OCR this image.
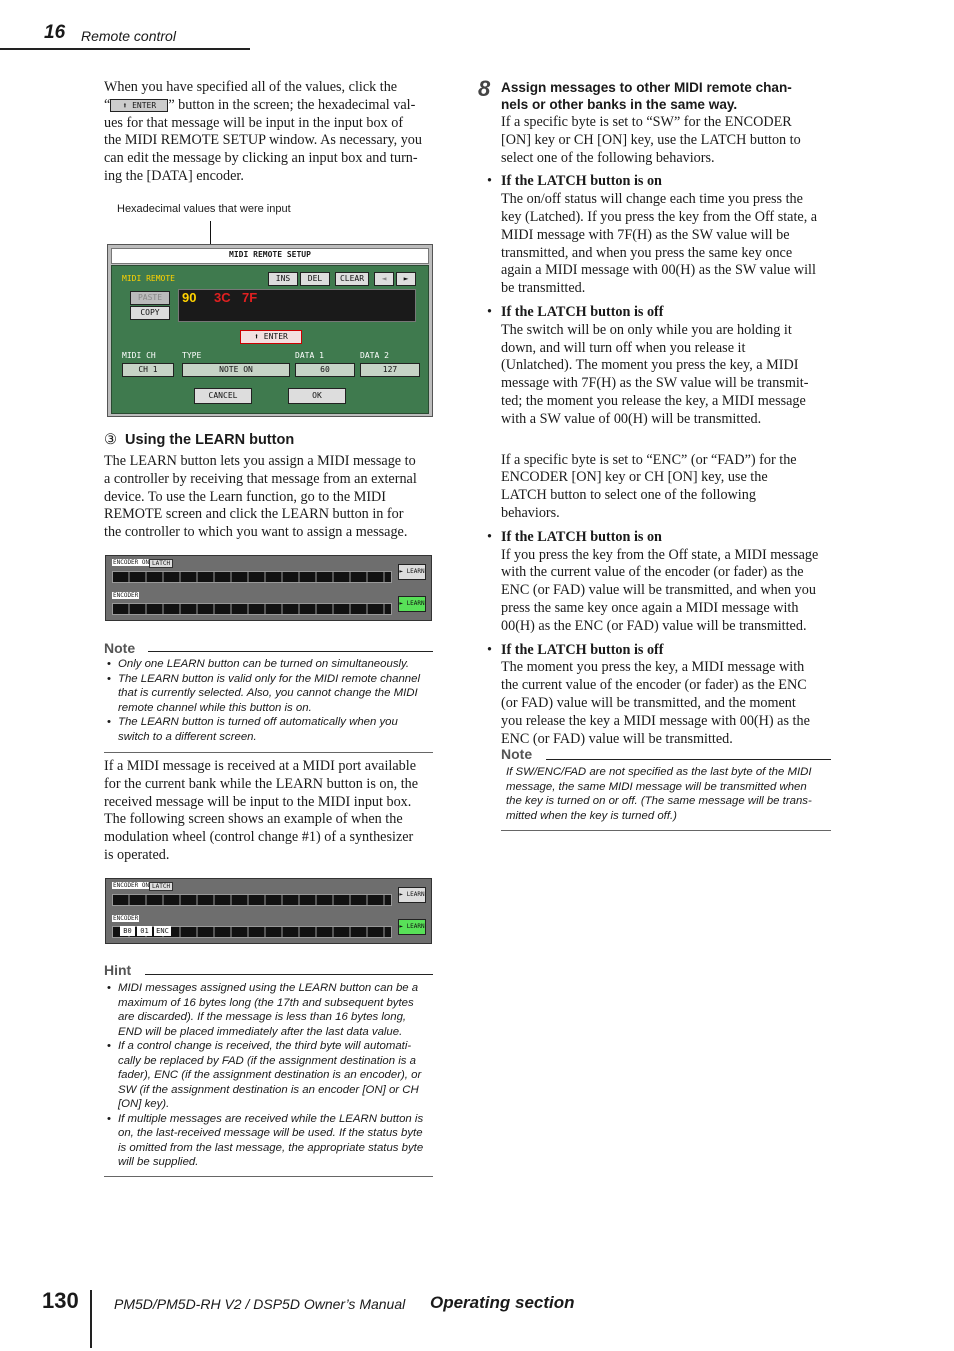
16 Remote control

When you have specified all of the values, click the

“ ⬆ ENTER ” button in the screen; the hexadecimal val-

ues for that message will be input in the input box of

the MIDI REMOTE SETUP window. As necessary, you

can edit the message by clicking an input box and turn-

ing the [DATA] encoder.

Hexadecimal values that were input
MIDI REMOTE SETUP
MIDI REMOTE	INS	DEL	CLEAR	◄	►
90 3C 7F
PASTE
COPY
⬆ ENTER
MIDI CH	TYPE	DATA 1	DATA 2
CH 1	NOTE ON	60	127
CANCEL	OK
③ Using the LEARN button

The LEARN button lets you assign a MIDI message to

a controller by receiving that message from an external

device. To use the Learn function, go to the MIDI

REMOTE screen and click the LEARN button in for

the controller to which you want to assign a message.

ENCODER ON LATCH
ENCODER
► LEARN
► LEARN
Note
• Only one LEARN button can be turned on simultaneously.
• The LEARN button is valid only for the MIDI remote channel that is currently selected. Also, you cannot change the MIDI remote channel while this button is on.
• The LEARN button is turned off automatically when you switch to a different screen.

If a MIDI message is received at a MIDI port available

for the current bank while the LEARN button is on, the

received message will be input to the MIDI input box.

The following screen shows an example of when the

modulation wheel (control change #1) of a synthesizer

is operated.

ENCODER ON LATCH
ENCODER
B0	01	ENC
► LEARN
► LEARN
Hint
• MIDI messages assigned using the LEARN button can be a maximum of 16 bytes long (the 17th and subsequent bytes are discarded). If the message is less than 16 bytes long, END will be placed immediately after the last data value.
• If a control change is received, the third byte will automati-cally be replaced by FAD (if the assignment destination is a fader), ENC (if the assignment destination is an encoder), or SW (if the assignment destination is an encoder [ON] or CH [ON] key).
• If multiple messages are received while the LEARN button is on, the last-received message will be used. If the status byte is omitted from the last message, the appropriate status byte will be supplied.
8 Assign messages to other MIDI remote chan-

nels or other banks in the same way.

If a specific byte is set to “SW” for the ENCODER

[ON] key or CH [ON] key, use the LATCH button to

select one of the following behaviors.

• If the LATCH button is on

The on/off status will change each time you press the

key (Latched). If you press the key from the Off state, a

MIDI message with 7F(H) as the SW value will be

transmitted, and when you press the same key once

again a MIDI message with 00(H) as the SW value will

be transmitted.

• If the LATCH button is off

The switch will be on only while you are holding it

down, and will turn off when you release it

(Unlatched). The moment you press the key, a MIDI

message with 7F(H) as the SW value will be transmit-

ted; the moment you release the key, a MIDI message

with a SW value of 00(H) will be transmitted.

If a specific byte is set to “ENC” (or “FAD”) for the

ENCODER [ON] key or CH [ON] key, use the

LATCH button to select one of the following

behaviors.

• If the LATCH button is on

If you press the key from the Off state, a MIDI message

with the current value of the encoder (or fader) as the

ENC (or FAD) value will be transmitted, and when you

press the same key once again a MIDI message with

00(H) as the ENC (or FAD) value will be transmitted.

• If the LATCH button is off

The moment you press the key, a MIDI message with

the current value of the encoder (or fader) as the ENC

(or FAD) value will be transmitted, and the moment

you release the key a MIDI message with 00(H) as the

ENC (or FAD) value will be transmitted.

Note

If SW/ENC/FAD are not specified as the last byte of the MIDI

message, the same MIDI message will be transmitted when

the key is turned on or off. (The same message will be trans-

mitted when the key is turned off.)

130	PM5D/PM5D-RH V2 / DSP5D Owner’s Manual Operating section
